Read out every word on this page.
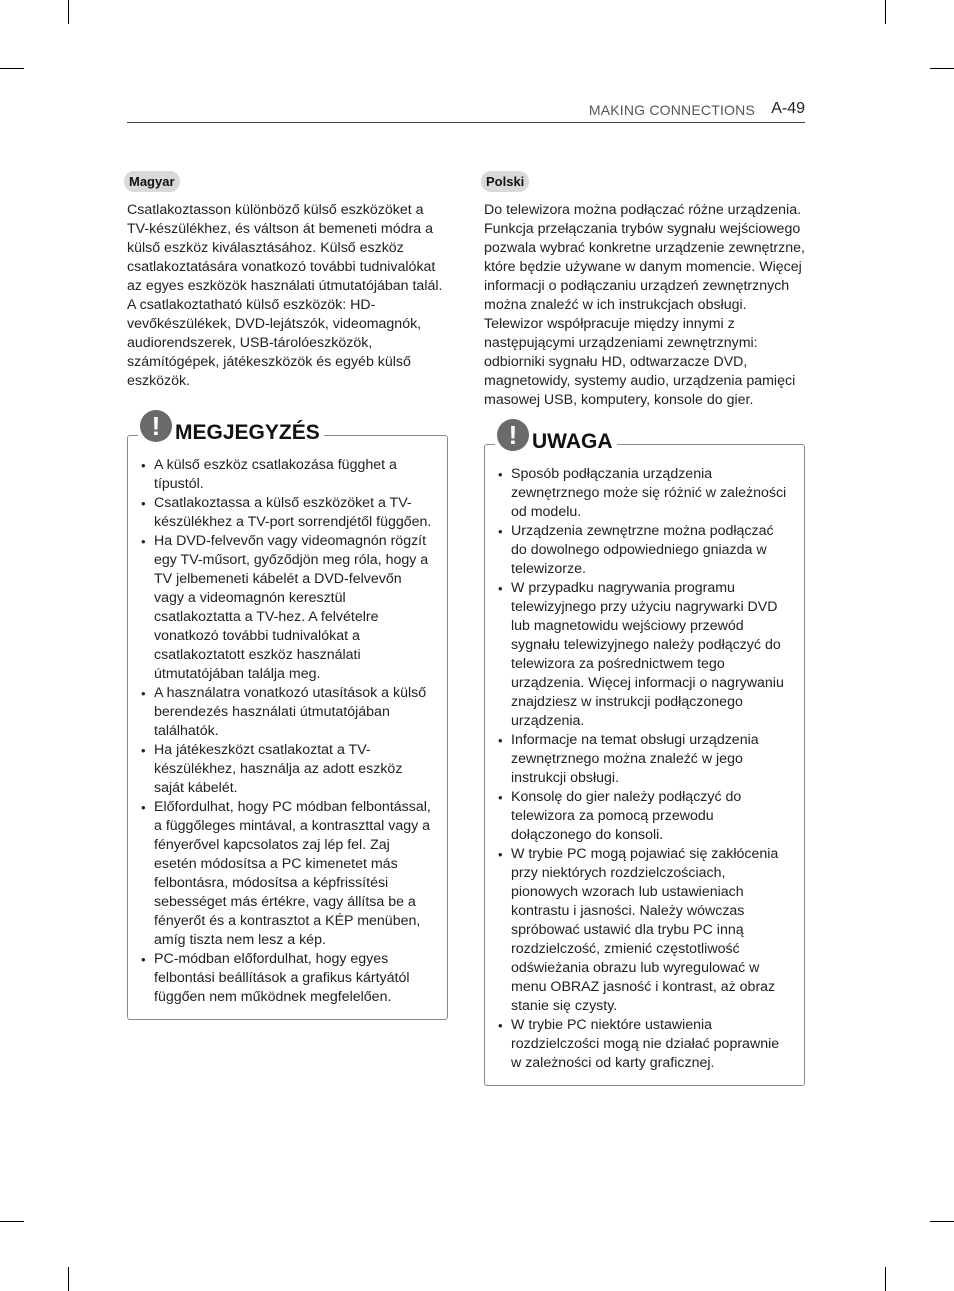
MAKING CONNECTIONS A-49
Magyar
Csatlakoztasson különböző külső eszközöket a TV-készülékhez, és váltson át bemeneti módra a külső eszköz kiválasztásához. Külső eszköz csatlakoztatására vonatkozó további tudnivalókat az egyes eszközök használati útmutatójában talál. A csatlakoztatható külső eszközök: HD-vevőkészülékek, DVD-lejátszók, videomagnók, audiorendszerek, USB-tárolóeszközök, számítógépek, játékeszközök és egyéb külső eszközök.
! MEGJEGYZÉS
• A külső eszköz csatlakozása függhet a típustól.
• Csatlakoztassa a külső eszközöket a TV-készülékhez a TV-port sorrendjétől függően.
• Ha DVD-felvevőn vagy videomagnón rögzít egy TV-műsort, győződjön meg róla, hogy a TV jelbemeneti kábelét a DVD-felvevőn vagy a videomagnón keresztül csatlakoztatta a TV-hez. A felvételre vonatkozó további tudnivalókat a csatlakoztatott eszköz használati útmutatójában találja meg.
• A használatra vonatkozó utasítások a külső berendezés használati útmutatójában találhatók.
• Ha játékeszközt csatlakoztat a TV-készülékhez, használja az adott eszköz saját kábelét.
• Előfordulhat, hogy PC módban felbontással, a függőleges mintával, a kontraszttal vagy a fényerővel kapcsolatos zaj lép fel. Zaj esetén módosítsa a PC kimenetet más felbontásra, módosítsa a képfrissítési sebességet más értékre, vagy állítsa be a fényerőt és a kontrasztot a KÉP menüben, amíg tiszta nem lesz a kép.
• PC-módban előfordulhat, hogy egyes felbontási beállítások a grafikus kártyától függően nem működnek megfelelően.
Polski
Do telewizora można podłączać różne urządzenia. Funkcja przełączania trybów sygnału wejściowego pozwala wybrać konkretne urządzenie zewnętrzne, które będzie używane w danym momencie. Więcej informacji o podłączaniu urządzeń zewnętrznych można znaleźć w ich instrukcjach obsługi.
Telewizor współpracuje między innymi z następującymi urządzeniami zewnętrznymi: odbiorniki sygnału HD, odtwarzacze DVD, magnetowidy, systemy audio, urządzenia pamięci masowej USB, komputery, konsole do gier.
! UWAGA
• Sposób podłączania urządzenia zewnętrznego może się różnić w zależności od modelu.
• Urządzenia zewnętrzne można podłączać do dowolnego odpowiedniego gniazda w telewizorze.
• W przypadku nagrywania programu telewizyjnego przy użyciu nagrywarki DVD lub magnetowidu wejściowy przewód sygnału telewizyjnego należy podłączyć do telewizora za pośrednictwem tego urządzenia. Więcej informacji o nagrywaniu znajdziesz w instrukcji podłączonego urządzenia.
• Informacje na temat obsługi urządzenia zewnętrznego można znaleźć w jego instrukcji obsługi.
• Konsolę do gier należy podłączyć do telewizora za pomocą przewodu dołączonego do konsoli.
• W trybie PC mogą pojawiać się zakłócenia przy niektórych rozdzielczościach, pionowych wzorach lub ustawieniach kontrastu i jasności. Należy wówczas spróbować ustawić dla trybu PC inną rozdzielczość, zmienić częstotliwość odświeżania obrazu lub wyregulować w menu OBRAZ jasność i kontrast, aż obraz stanie się czysty.
• W trybie PC niektóre ustawienia rozdzielczości mogą nie działać poprawnie w zależności od karty graficznej.
